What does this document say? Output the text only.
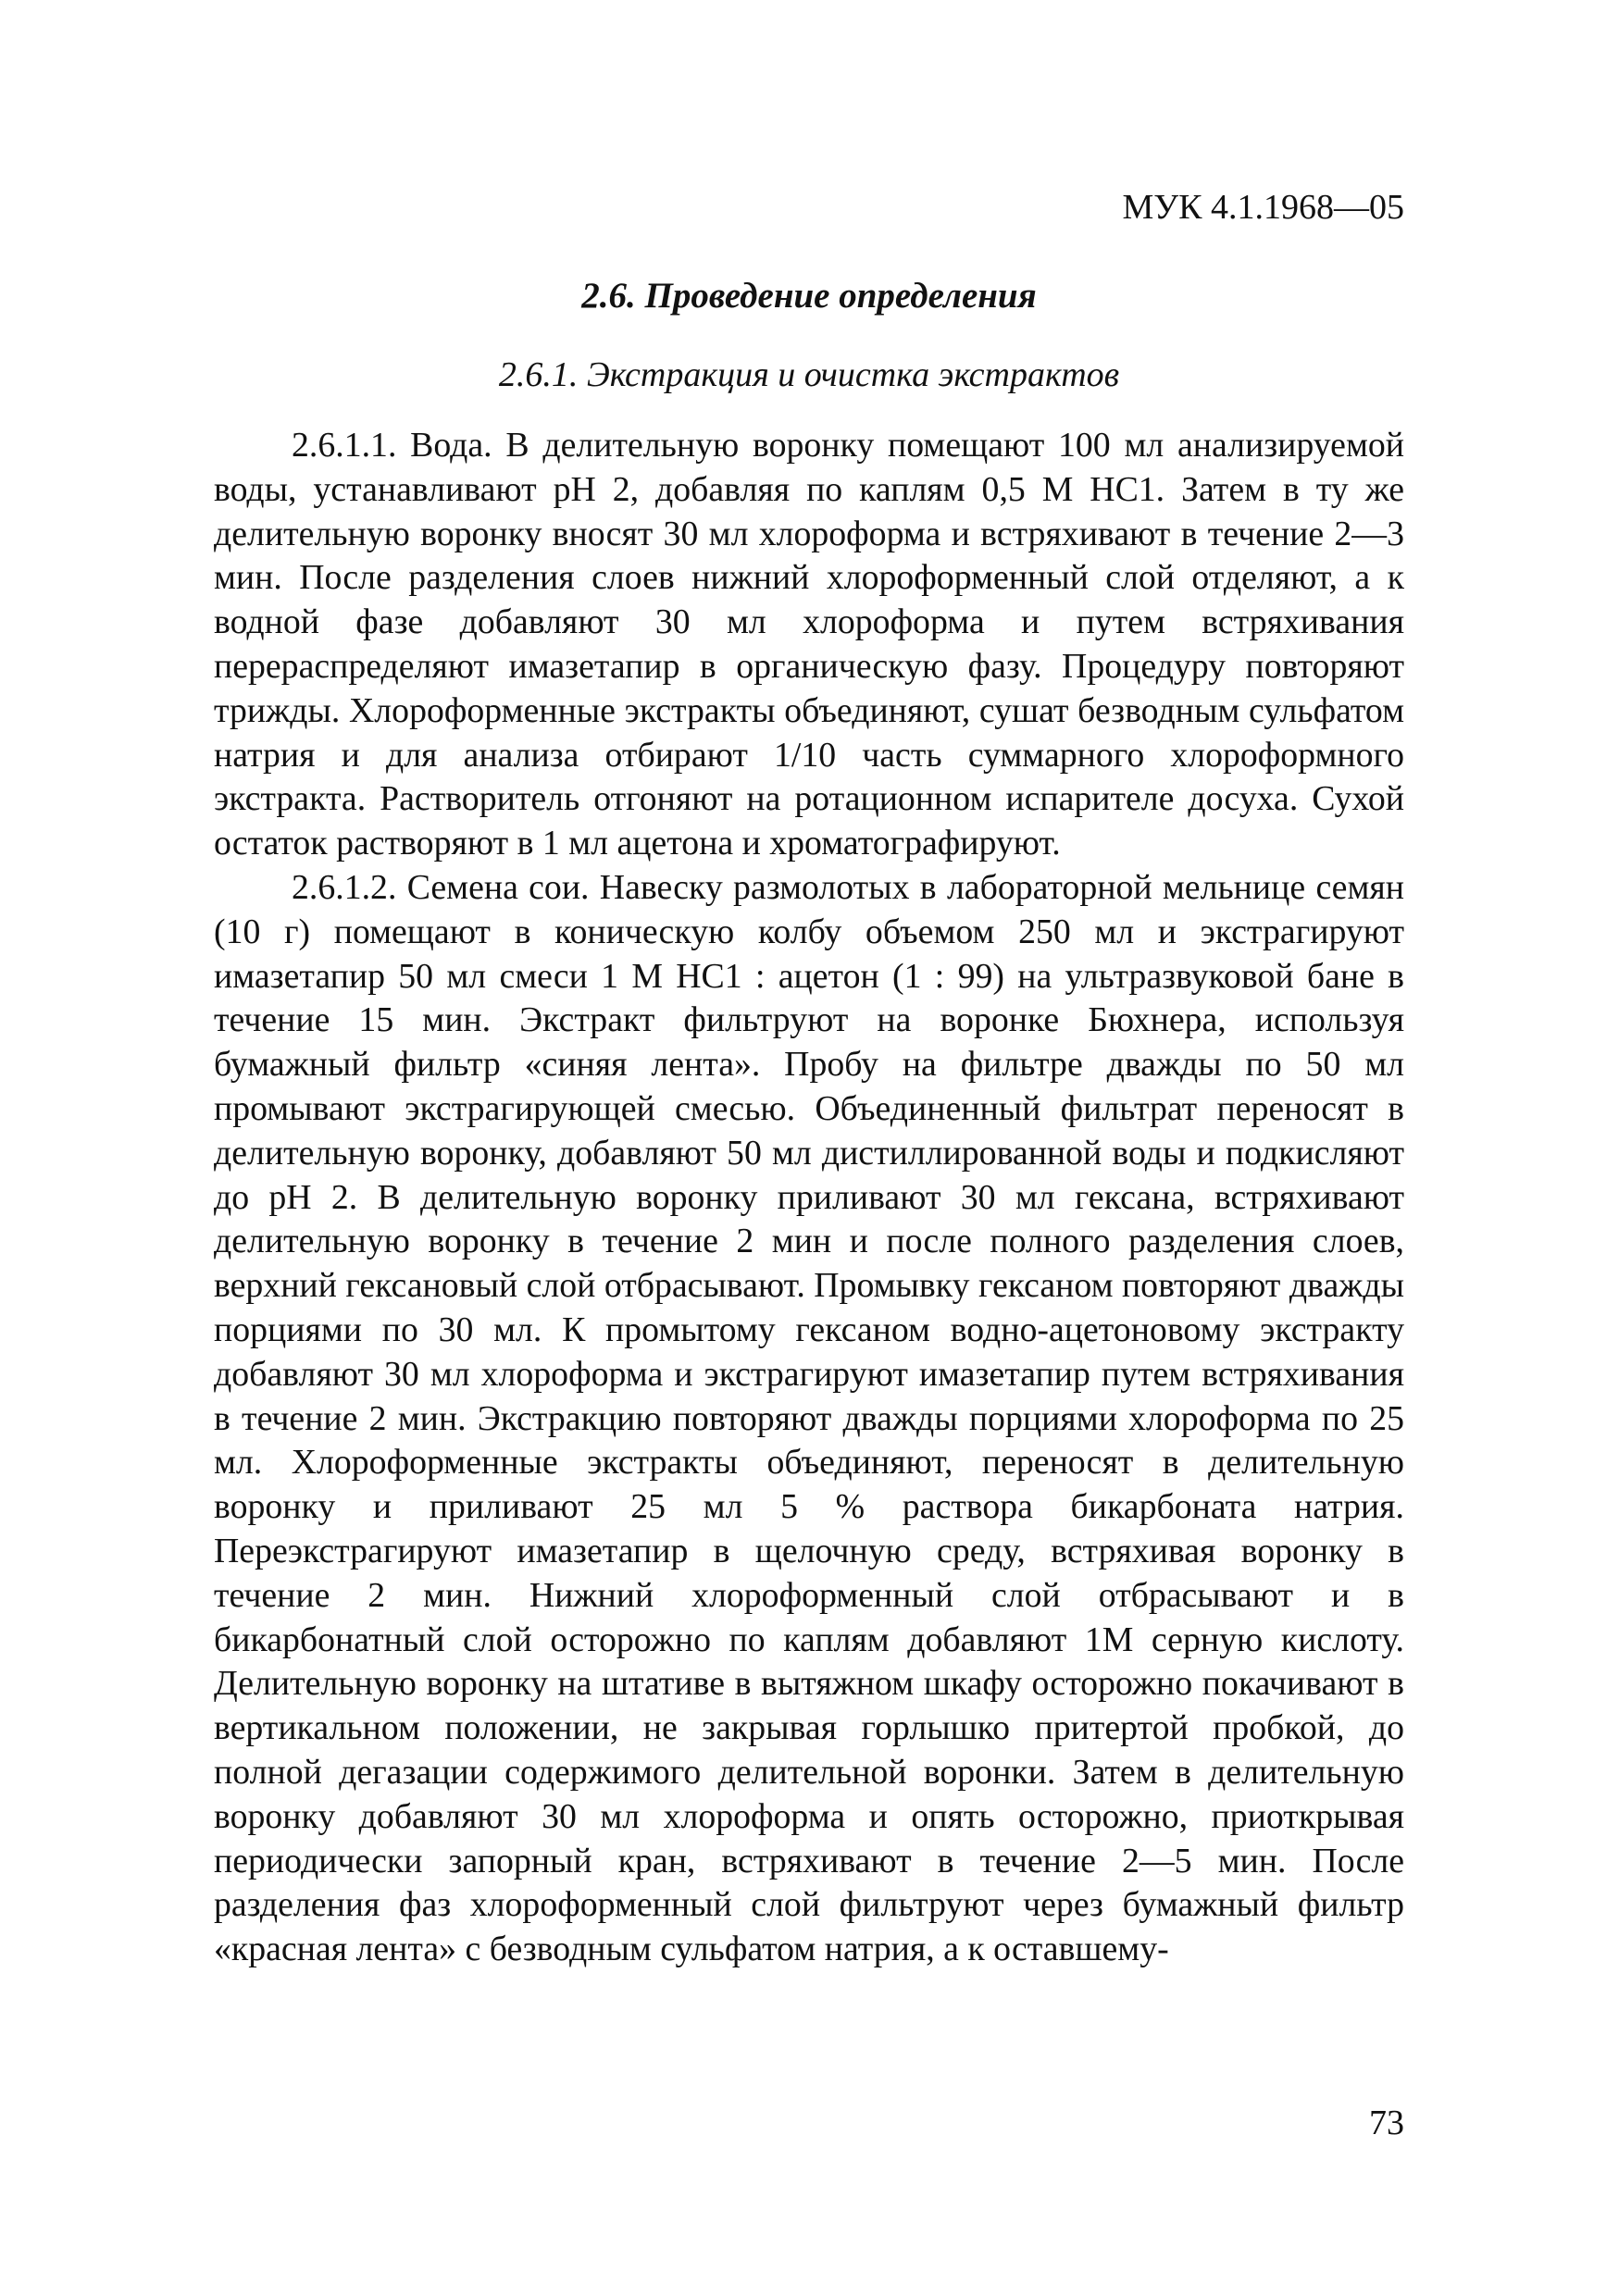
МУК 4.1.1968—05
2.6. Проведение определения
2.6.1. Экстракция и очистка экстрактов

2.6.1.1. Вода. В делительную воронку помещают 100 мл анализируемой воды, устанавливают pH 2, добавляя по каплям 0,5 М НС1. Затем в ту же делительную воронку вносят 30 мл хлороформа и встряхивают в течение 2—3 мин. После разделения слоев нижний хлороформенный слой отделяют, а к водной фазе добавляют 30 мл хлороформа и путем встряхивания перераспределяют имазетапир в органическую фазу. Процедуру повторяют трижды. Хлороформенные экстракты объединяют, сушат безводным сульфатом натрия и для анализа отбирают 1/10 часть суммарного хлороформного экстракта. Растворитель отгоняют на ротационном испарителе досуха. Сухой остаток растворяют в 1 мл ацетона и хроматографируют.

2.6.1.2. Семена сои. Навеску размолотых в лабораторной мельнице семян (10 г) помещают в коническую колбу объемом 250 мл и экстрагируют имазетапир 50 мл смеси 1 М НС1 : ацетон (1 : 99) на ультразвуковой бане в течение 15 мин. Экстракт фильтруют на воронке Бюхнера, используя бумажный фильтр «синяя лента». Пробу на фильтре дважды по 50 мл промывают экстрагирующей смесью. Объединенный фильтрат переносят в делительную воронку, добавляют 50 мл дистиллированной воды и подкисляют до pH 2. В делительную воронку приливают 30 мл гексана, встряхивают делительную воронку в течение 2 мин и после полного разделения слоев, верхний гексановый слой отбрасывают. Промывку гексаном повторяют дважды порциями по 30 мл. К промытому гексаном водно-ацетоновому экстракту добавляют 30 мл хлороформа и экстрагируют имазетапир путем встряхивания в течение 2 мин. Экстракцию повторяют дважды порциями хлороформа по 25 мл. Хлороформенные экстракты объединяют, переносят в делительную воронку и приливают 25 мл 5 % раствора бикарбоната натрия. Переэкстрагируют имазетапир в щелочную среду, встряхивая воронку в течение 2 мин. Нижний хлороформенный слой отбрасывают и в бикарбонатный слой осторожно по каплям добавляют 1М серную кислоту. Делительную воронку на штативе в вытяжном шкафу осторожно покачивают в вертикальном положении, не закрывая горлышко притертой пробкой, до полной дегазации содержимого делительной воронки. Затем в делительную воронку добавляют 30 мл хлороформа и опять осторожно, приоткрывая периодически запорный кран, встряхивают в течение 2—5 мин. После разделения фаз хлороформенный слой фильтруют через бумажный фильтр «красная лента» с безводным сульфатом натрия, а к оставшему-

73
